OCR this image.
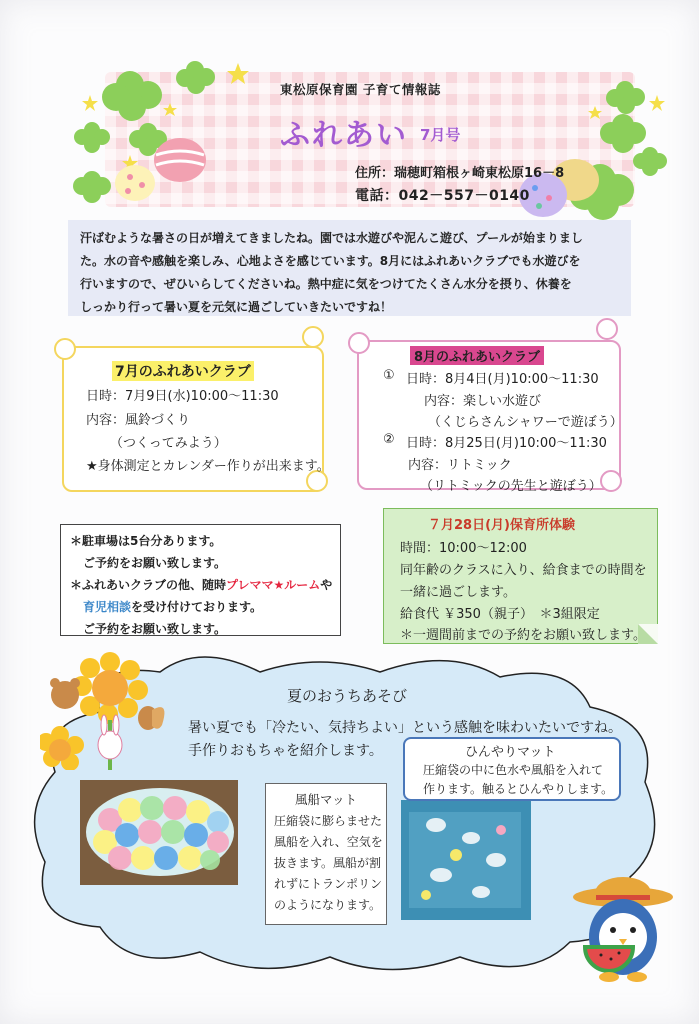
東松原保育園 子育て情報誌
ふれあい 7月号
住所：瑞穂町箱根ヶ崎東松原16－8
電話：042－557－0140
汗ばむような暑さの日が増えてきましたね。園では水遊びや泥んこ遊び、プールが始まりまし
た。水の音や感触を楽しみ、心地よさを感じています。8月にはふれあいクラブでも水遊びを
行いますので、ぜひいらしてくださいね。熱中症に気をつけてたくさん水分を摂り、休養を
しっかり行って暑い夏を元気に過ごしていきたいですね！
7月のふれあいクラブ
日時：7月9日(水)10:00～11:30
内容：風鈴づくり
（つくってみよう）
★身体測定とカレンダー作りが出来ます。
8月のふれあいクラブ
① 日時：8月4日(月)10:00～11:30
内容：楽しい水遊び
（くじらさんシャワーで遊ぼう）
② 日時：8月25日(月)10:00～11:30
内容：リトミック
（リトミックの先生と遊ぼう）
＊駐車場は5台分あります。
ご予約をお願い致します。
＊ふれあいクラブの他、随時プレママ★ルームや
育児相談を受け付けております。
ご予約をお願い致します。
７月28日(月)保育所体験
時間：10:00～12:00
同年齢のクラスに入り、給食までの時間を
一緒に過ごします。
給食代 ￥350（親子）　＊3組限定
＊一週間前までの予約をお願い致します。
夏のおうちあそび
暑い夏でも「冷たい、気持ちよい」という感触を味わいたいですね。
手作りおもちゃを紹介します。
風船マット
圧縮袋に膨らませた
風船を入れ、空気を
抜きます。風船が割
れずにトランポリン
のようになります。
ひんやりマット
圧縮袋の中に色水や風船を入れて
作ります。触るとひんやりします。
